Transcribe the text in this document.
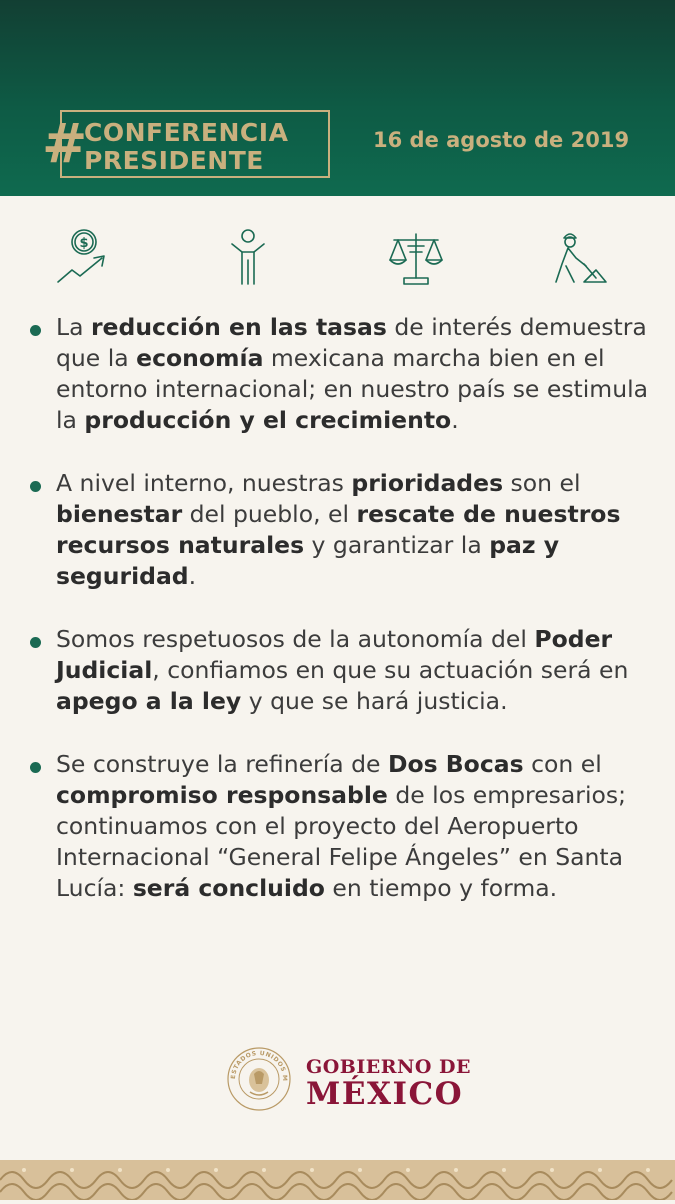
#
CONFERENCIA
PRESIDENTE
16 de agosto de 2019
$

La reducción en las tasas de interés demuestra que la economía mexicana marcha bien en el entorno internacional; en nuestro país se estimula la producción y el crecimiento.

A nivel interno, nuestras prioridades son el bienestar del pueblo, el rescate de nuestros recursos naturales y garantizar la paz y seguridad.

Somos respetuosos de la autonomía del Poder Judicial, confiamos en que su actuación será en apego a la ley y que se hará justicia.

Se construye la refinería de Dos Bocas con el compromiso responsable de los empresarios; continuamos con el proyecto del Aeropuerto Internacional “General Felipe Ángeles” en Santa Lucía: será concluido en tiempo y forma.

ESTADOS UNIDOS M
GOBIERNO DE
MÉXICO
